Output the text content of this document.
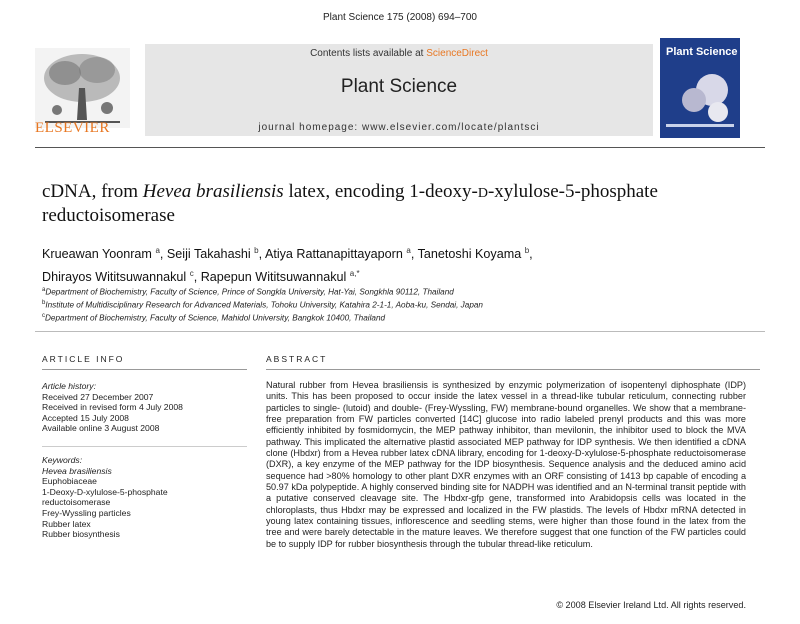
Plant Science 175 (2008) 694–700
ELSEVIER
Contents lists available at ScienceDirect
Plant Science
journal homepage: www.elsevier.com/locate/plantsci
Plant Science
cDNA, from Hevea brasiliensis latex, encoding 1-deoxy-D-xylulose-5-phosphate reductoisomerase
Krueawan Yoonram $^a$, Seiji Takahashi $^b$, Atiya Rattanapittayaporn $^a$, Tanetoshi Koyama $^b$,
Dhirayos Wititsuwannakul $^c$, Rapepun Wititsuwannakul $^{a,*}$
$^a$Department of Biochemistry, Faculty of Science, Prince of Songkla University, Hat-Yai, Songkhla 90112, Thailand
$^b$Institute of Multidisciplinary Research for Advanced Materials, Tohoku University, Katahira 2-1-1, Aoba-ku, Sendai, Japan
$^c$Department of Biochemistry, Faculty of Science, Mahidol University, Bangkok 10400, Thailand
ARTICLE INFO
Article history:
Received 27 December 2007
Received in revised form 4 July 2008
Accepted 15 July 2008
Available online 3 August 2008
Keywords:
Hevea brasiliensis
Euphobiaceae
1-Deoxy-D-xylulose-5-phosphate
reductoisomerase
Frey-Wyssling particles
Rubber latex
Rubber biosynthesis
ABSTRACT

Natural rubber from Hevea brasiliensis is synthesized by enzymic polymerization of isopentenyl diphosphate (IDP) units. This has been proposed to occur inside the latex vessel in a thread-like tubular reticulum, connecting rubber particles to single- (lutoid) and double- (Frey-Wyssling, FW) membrane-bound organelles. We show that a membrane-free preparation from FW particles converted [14C] glucose into radio labeled prenyl products and this was more efficiently inhibited by fosmidomycin, the MEP pathway inhibitor, than mevilonin, the inhibitor used to block the MVA pathway. This implicated the alternative plastid associated MEP pathway for IDP synthesis. We then identified a cDNA clone (Hbdxr) from a Hevea rubber latex cDNA library, encoding for 1-deoxy-D-xylulose-5-phosphate reductoisomerase (DXR), a key enzyme of the MEP pathway for the IDP biosynthesis. Sequence analysis and the deduced amino acid sequence had >80% homology to other plant DXR enzymes with an ORF consisting of 1413 bp capable of encoding a 50.97 kDa polypeptide. A highly conserved binding site for NADPH was identified and an N-terminal transit peptide with a putative conserved cleavage site. The Hbdxr-gfp gene, transformed into Arabidopsis cells was located in the chloroplasts, thus Hbdxr may be expressed and localized in the FW plastids. The levels of Hbdxr mRNA detected in young latex containing tissues, inflorescence and seedling stems, were higher than those found in the latex from the tree and were barely detectable in the mature leaves. We therefore suggest that one function of the FW particles could be to supply IDP for rubber biosynthesis through the tubular thread-like reticulum.

© 2008 Elsevier Ireland Ltd. All rights reserved.
